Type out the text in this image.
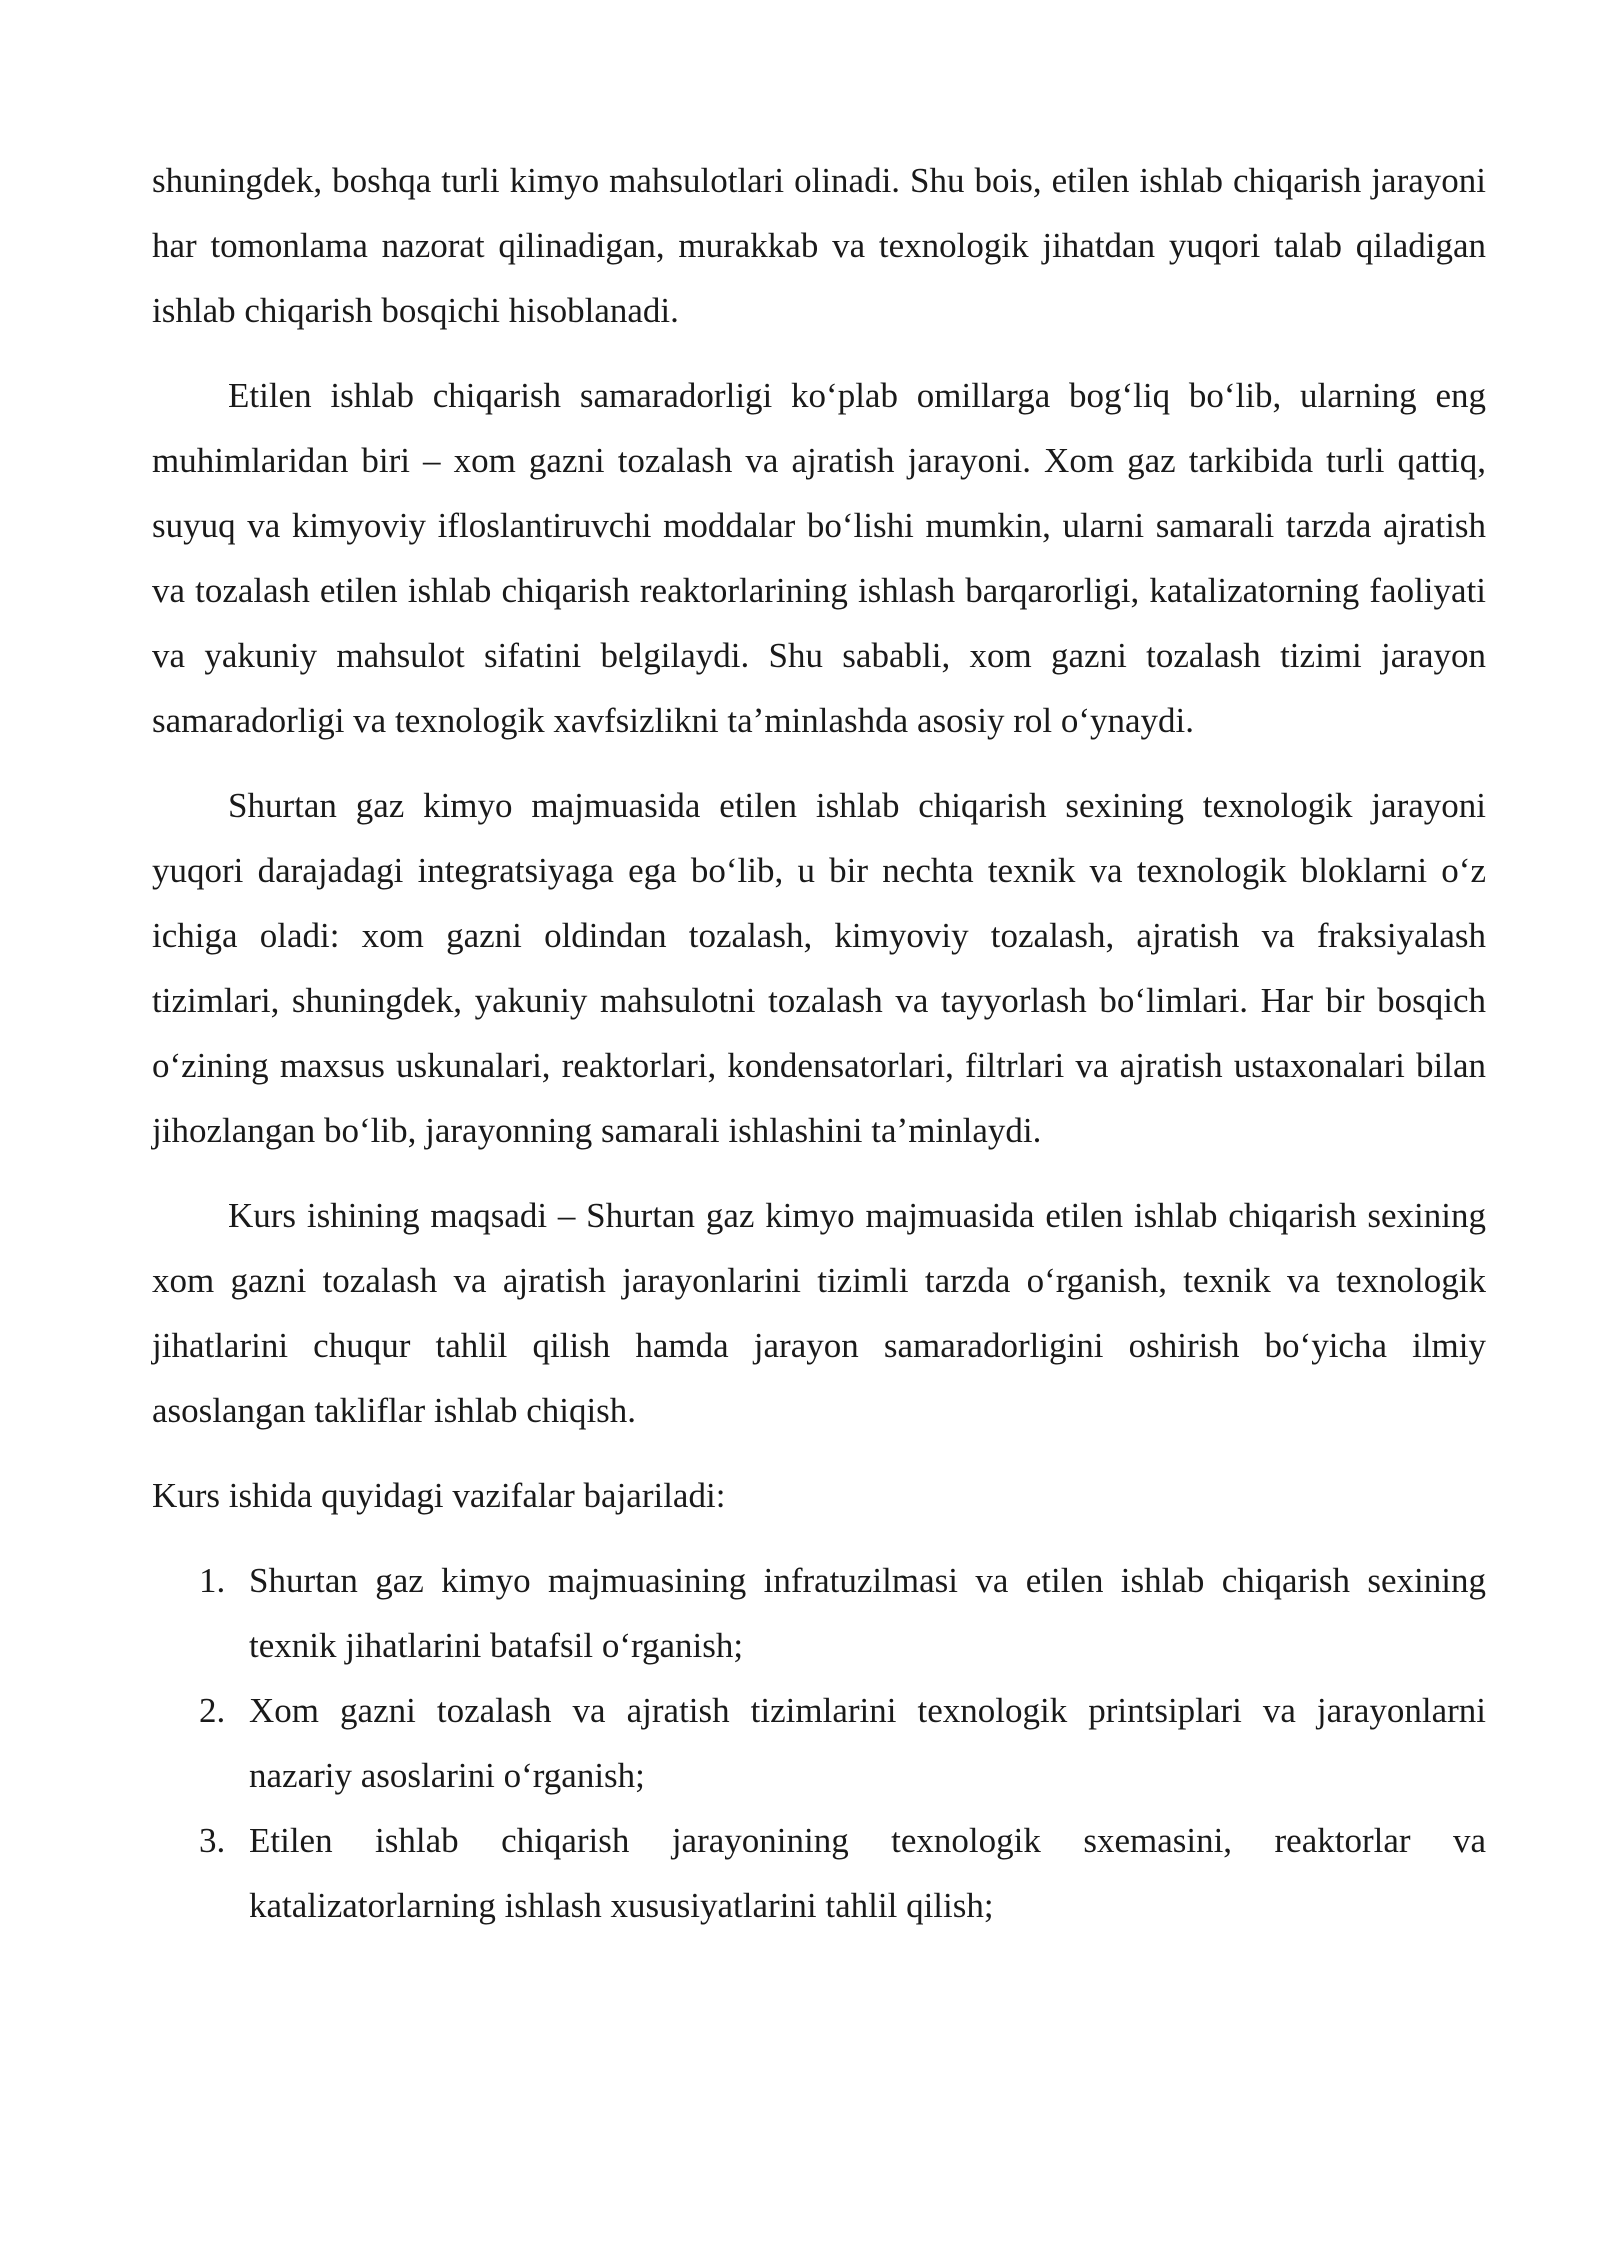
shuningdek, boshqa turli kimyo mahsulotlari olinadi. Shu bois, etilen ishlab chiqarish jarayoni har tomonlama nazorat qilinadigan, murakkab va texnologik jihatdan yuqori talab qiladigan ishlab chiqarish bosqichi hisoblanadi.

Etilen ishlab chiqarish samaradorligi koʻplab omillarga bogʻliq boʻlib, ularning eng muhimlaridan biri – xom gazni tozalash va ajratish jarayoni. Xom gaz tarkibida turli qattiq, suyuq va kimyoviy ifloslantiruvchi moddalar boʻlishi mumkin, ularni samarali tarzda ajratish va tozalash etilen ishlab chiqarish reaktorlarining ishlash barqarorligi, katalizatorning faoliyati va yakuniy mahsulot sifatini belgilaydi. Shu sababli, xom gazni tozalash tizimi jarayon samaradorligi va texnologik xavfsizlikni taʼminlashda asosiy rol oʻynaydi.

Shurtan gaz kimyo majmuasida etilen ishlab chiqarish sexining texnologik jarayoni yuqori darajadagi integratsiyaga ega boʻlib, u bir nechta texnik va texnologik bloklarni oʻz ichiga oladi: xom gazni oldindan tozalash, kimyoviy tozalash, ajratish va fraksiyalash tizimlari, shuningdek, yakuniy mahsulotni tozalash va tayyorlash boʻlimlari. Har bir bosqich oʻzining maxsus uskunalari, reaktorlari, kondensatorlari, filtrlari va ajratish ustaxonalari bilan jihozlangan boʻlib, jarayonning samarali ishlashini taʼminlaydi.

Kurs ishining maqsadi – Shurtan gaz kimyo majmuasida etilen ishlab chiqarish sexining xom gazni tozalash va ajratish jarayonlarini tizimli tarzda oʻrganish, texnik va texnologik jihatlarini chuqur tahlil qilish hamda jarayon samaradorligini oshirish boʻyicha ilmiy asoslangan takliflar ishlab chiqish.

Kurs ishida quyidagi vazifalar bajariladi:

1. Shurtan gaz kimyo majmuasining infratuzilmasi va etilen ishlab chiqarish sexining texnik jihatlarini batafsil oʻrganish;
2. Xom gazni tozalash va ajratish tizimlarini texnologik printsiplari va jarayonlarni nazariy asoslarini oʻrganish;
3. Etilen ishlab chiqarish jarayonining texnologik sxemasini, reaktorlar va katalizatorlarning ishlash xususiyatlarini tahlil qilish;
